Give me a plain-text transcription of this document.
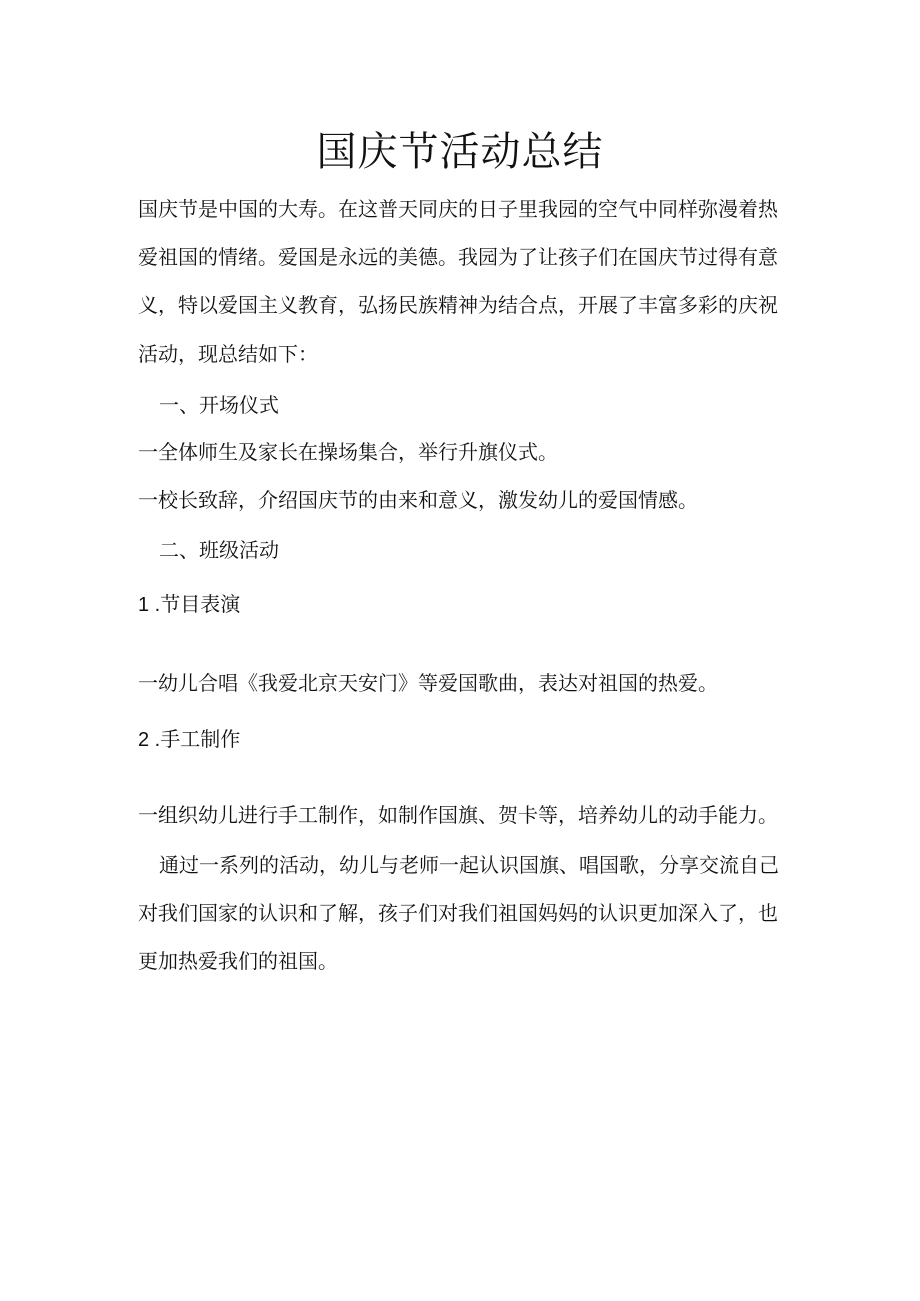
国庆节活动总结

国庆节是中国的大寿。在这普天同庆的日子里我园的空气中同样弥漫着热

爱祖国的情绪。爱国是永远的美德。我园为了让孩子们在国庆节过得有意

义，特以爱国主义教育，弘扬民族精神为结合点，开展了丰富多彩的庆祝

活动，现总结如下：

一、开场仪式

一全体师生及家长在操场集合，举行升旗仪式。

一校长致辞，介绍国庆节的由来和意义，激发幼儿的爱国情感。

二、班级活动

1 .节目表演

一幼儿合唱《我爱北京天安门》等爱国歌曲，表达对祖国的热爱。

2 .手工制作

一组织幼儿进行手工制作，如制作国旗、贺卡等，培养幼儿的动手能力。

通过一系列的活动，幼儿与老师一起认识国旗、唱国歌，分享交流自己

对我们国家的认识和了解，孩子们对我们祖国妈妈的认识更加深入了，也

更加热爱我们的祖国。
